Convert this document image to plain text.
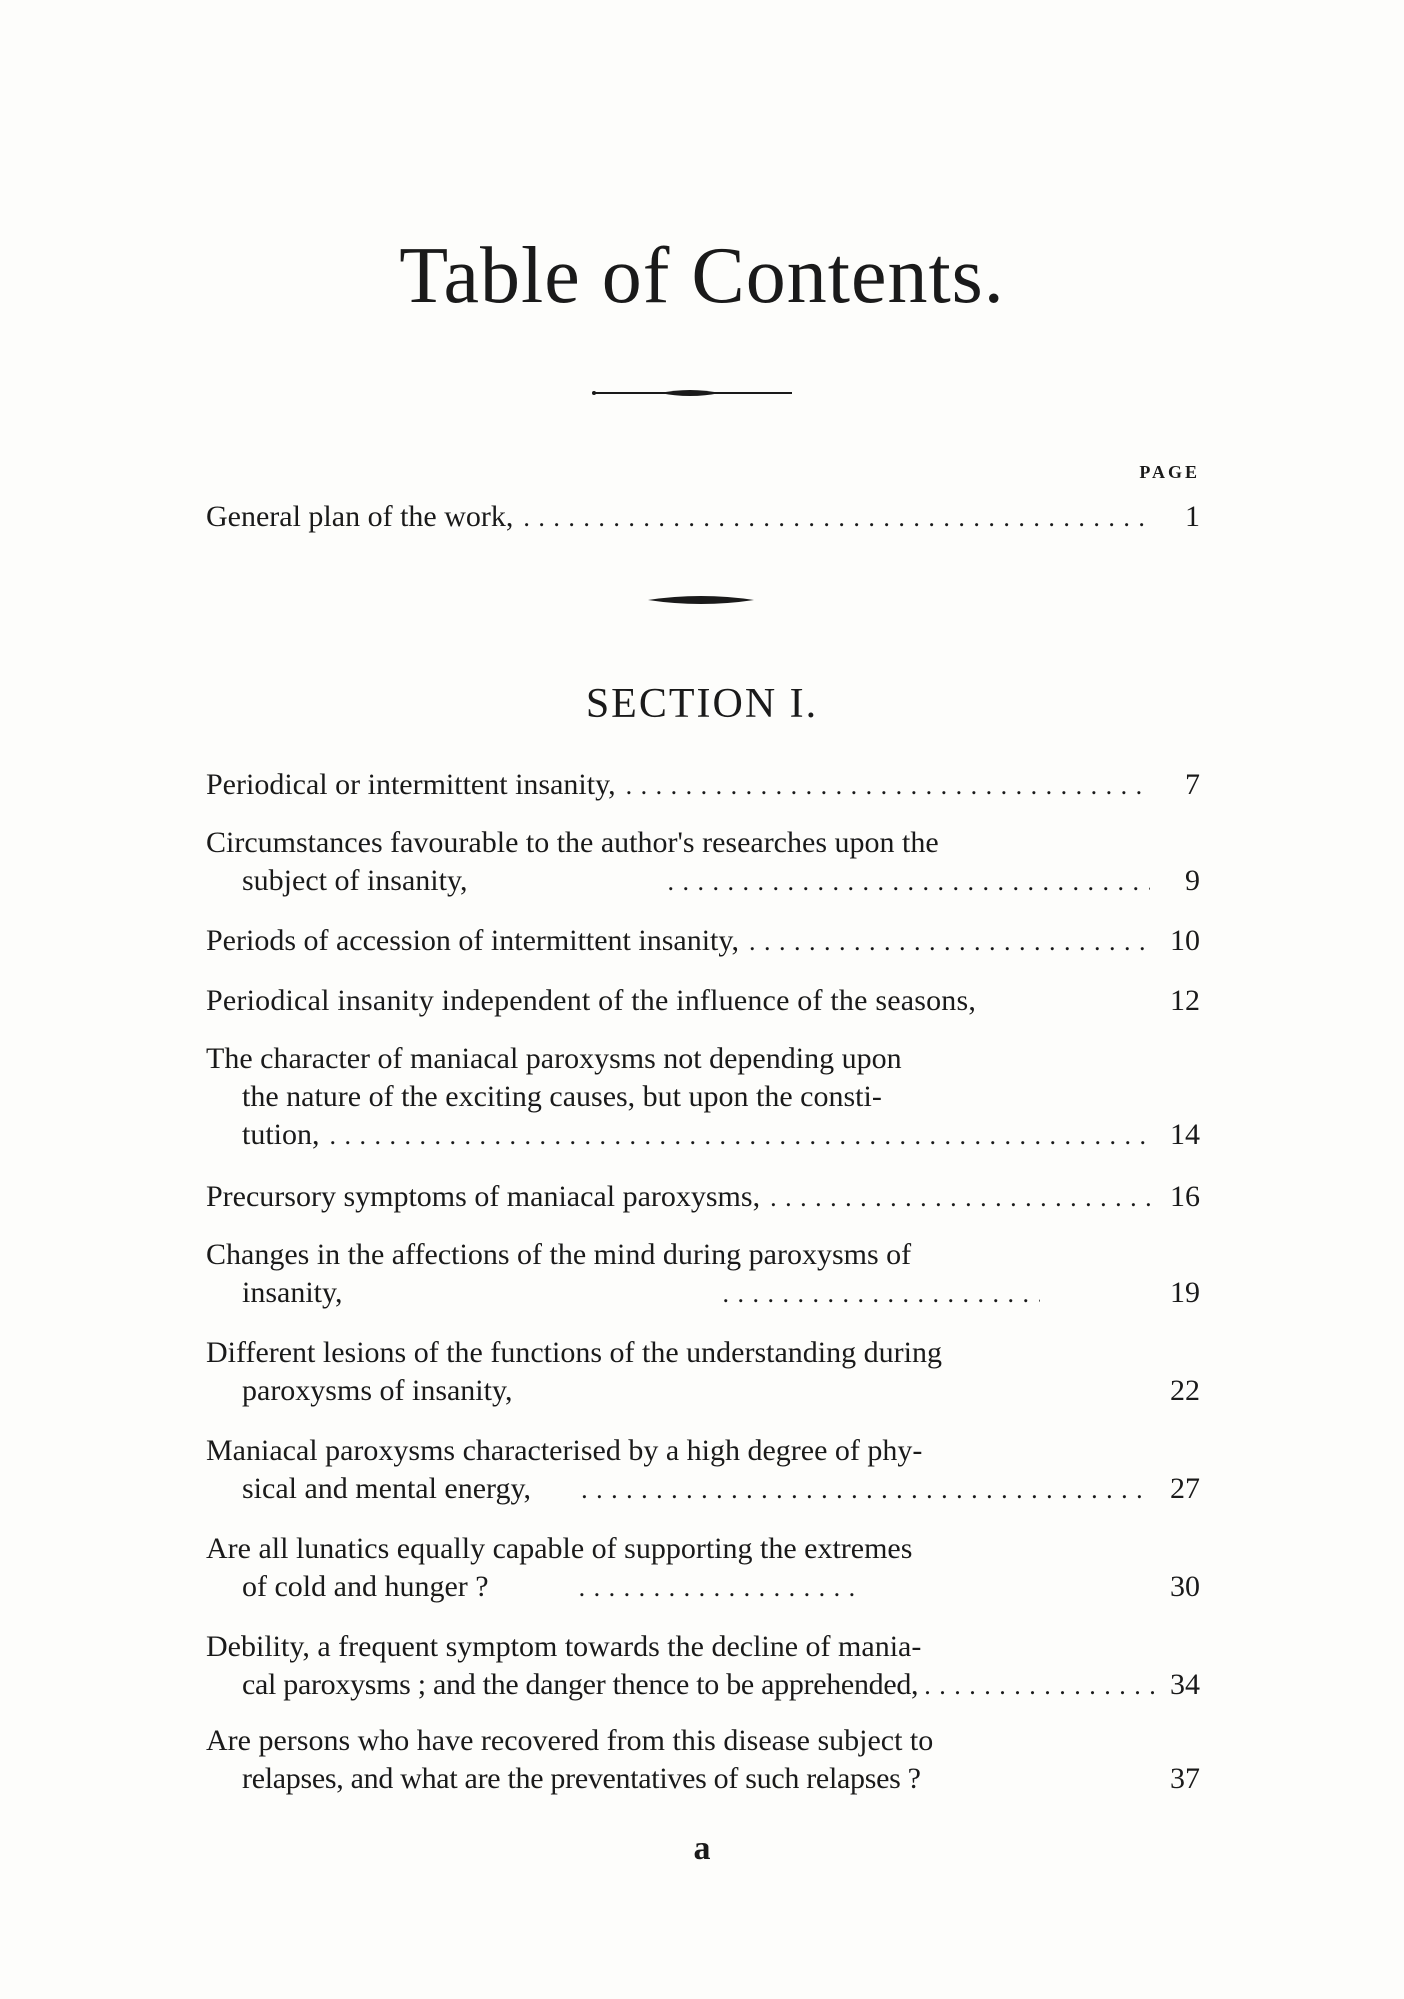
Table of Contents.
PAGE
General plan of the work, . . .	1
SECTION I.
Periodical or intermittent insanity, . . .	7
Circumstances favourable to the author's researches upon the
subject of insanity, . . .	9
Periods of accession of intermittent insanity, . . .	10
Periodical insanity independent of the influence of the seasons,	12
The character of maniacal paroxysms not depending upon
the nature of the exciting causes, but upon the consti-
tution, . . .	14
Precursory symptoms of maniacal paroxysms, . . .	16
Changes in the affections of the mind during paroxysms of
insanity, . . .	19
Different lesions of the functions of the understanding during
paroxysms of insanity,	22
Maniacal paroxysms characterised by a high degree of phy-
sical and mental energy, . . .	27
Are all lunatics equally capable of supporting the extremes
of cold and hunger ? . . .	30
Debility, a frequent symptom towards the decline of mania-
cal paroxysms ; and the danger thence to be apprehended, . . .	34
Are persons who have recovered from this disease subject to
relapses, and what are the preventatives of such relapses ?	37
a
